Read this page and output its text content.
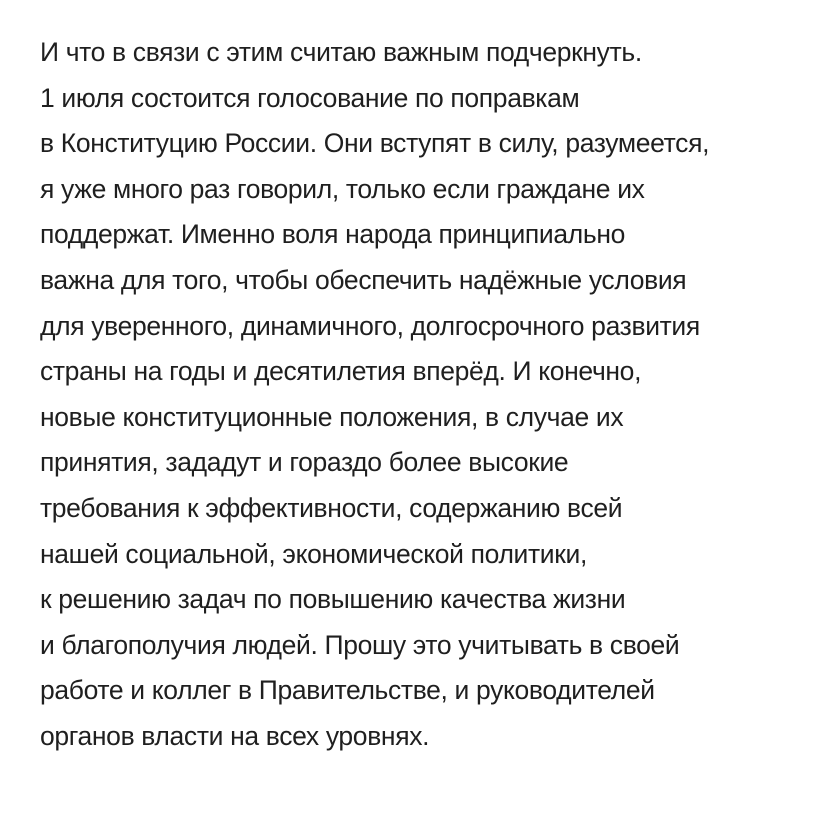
И что в связи с этим считаю важным подчеркнуть.
1 июля состоится голосование по поправкам
в Конституцию России. Они вступят в силу, разумеется,
я уже много раз говорил, только если граждане их
поддержат. Именно воля народа принципиально
важна для того, чтобы обеспечить надёжные условия
для уверенного, динамичного, долгосрочного развития
страны на годы и десятилетия вперёд. И конечно,
новые конституционные положения, в случае их
принятия, зададут и гораздо более высокие
требования к эффективности, содержанию всей
нашей социальной, экономической политики,
к решению задач по повышению качества жизни
и благополучия людей. Прошу это учитывать в своей
работе и коллег в Правительстве, и руководителей
органов власти на всех уровнях.
